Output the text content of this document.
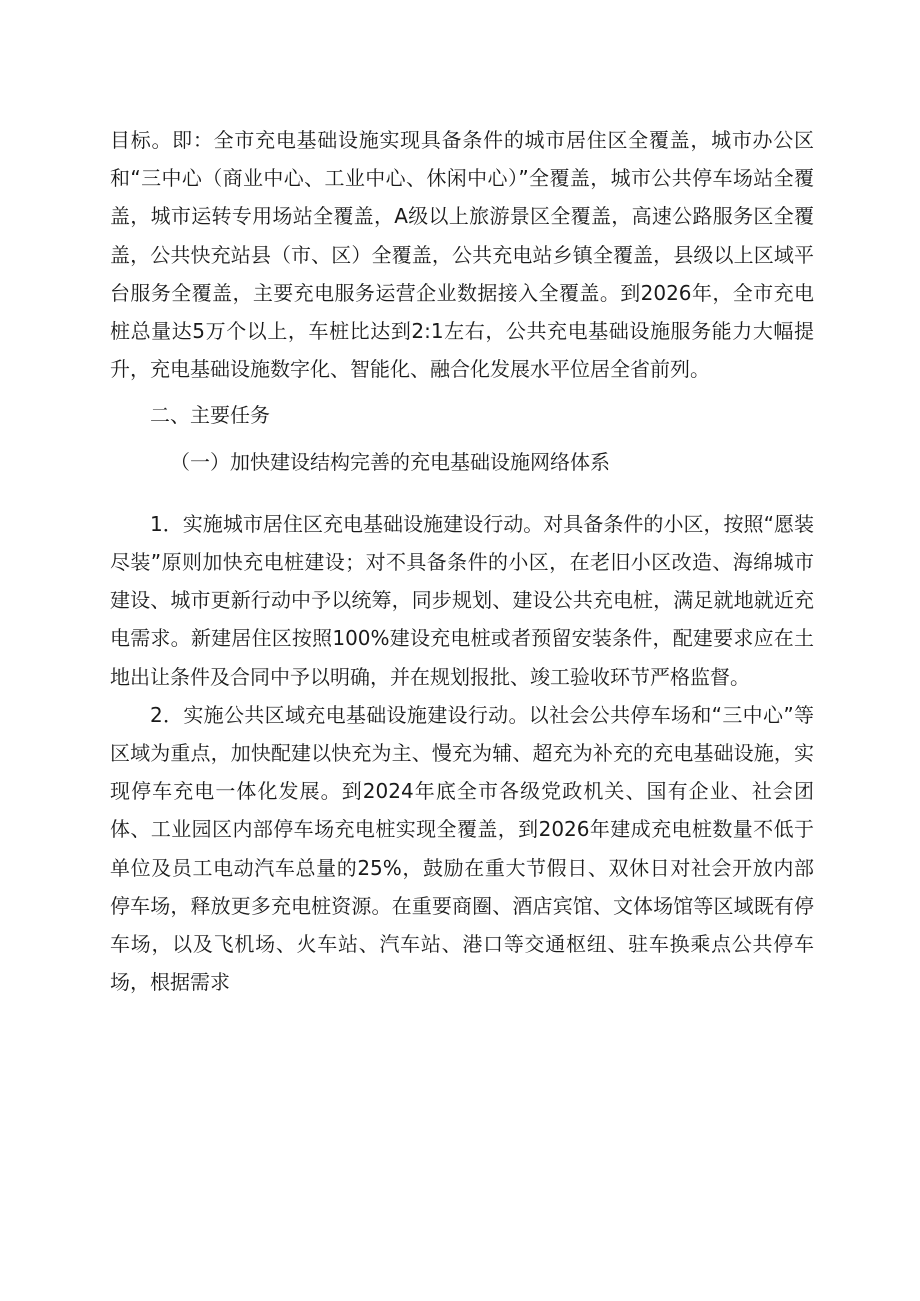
目标。即：全市充电基础设施实现具备条件的城市居住区全覆盖，城市办公区和“三中心（商业中心、工业中心、休闲中心）”全覆盖，城市公共停车场站全覆盖，城市运转专用场站全覆盖，A级以上旅游景区全覆盖，高速公路服务区全覆盖，公共快充站县（市、区）全覆盖，公共充电站乡镇全覆盖，县级以上区域平台服务全覆盖，主要充电服务运营企业数据接入全覆盖。到2026年，全市充电桩总量达5万个以上，车桩比达到2:1左右，公共充电基础设施服务能力大幅提升，充电基础设施数字化、智能化、融合化发展水平位居全省前列。

二、主要任务

（一）加快建设结构完善的充电基础设施网络体系

1．实施城市居住区充电基础设施建设行动。对具备条件的小区，按照“愿装尽装”原则加快充电桩建设；对不具备条件的小区，在老旧小区改造、海绵城市建设、城市更新行动中予以统筹，同步规划、建设公共充电桩，满足就地就近充电需求。新建居住区按照100%建设充电桩或者预留安装条件，配建要求应在土地出让条件及合同中予以明确，并在规划报批、竣工验收环节严格监督。

2．实施公共区域充电基础设施建设行动。以社会公共停车场和“三中心”等区域为重点，加快配建以快充为主、慢充为辅、超充为补充的充电基础设施，实现停车充电一体化发展。到2024年底全市各级党政机关、国有企业、社会团体、工业园区内部停车场充电桩实现全覆盖，到2026年建成充电桩数量不低于单位及员工电动汽车总量的25%，鼓励在重大节假日、双休日对社会开放内部停车场，释放更多充电桩资源。在重要商圈、酒店宾馆、文体场馆等区域既有停车场，以及飞机场、火车站、汽车站、港口等交通枢纽、驻车换乘点公共停车场，根据需求
